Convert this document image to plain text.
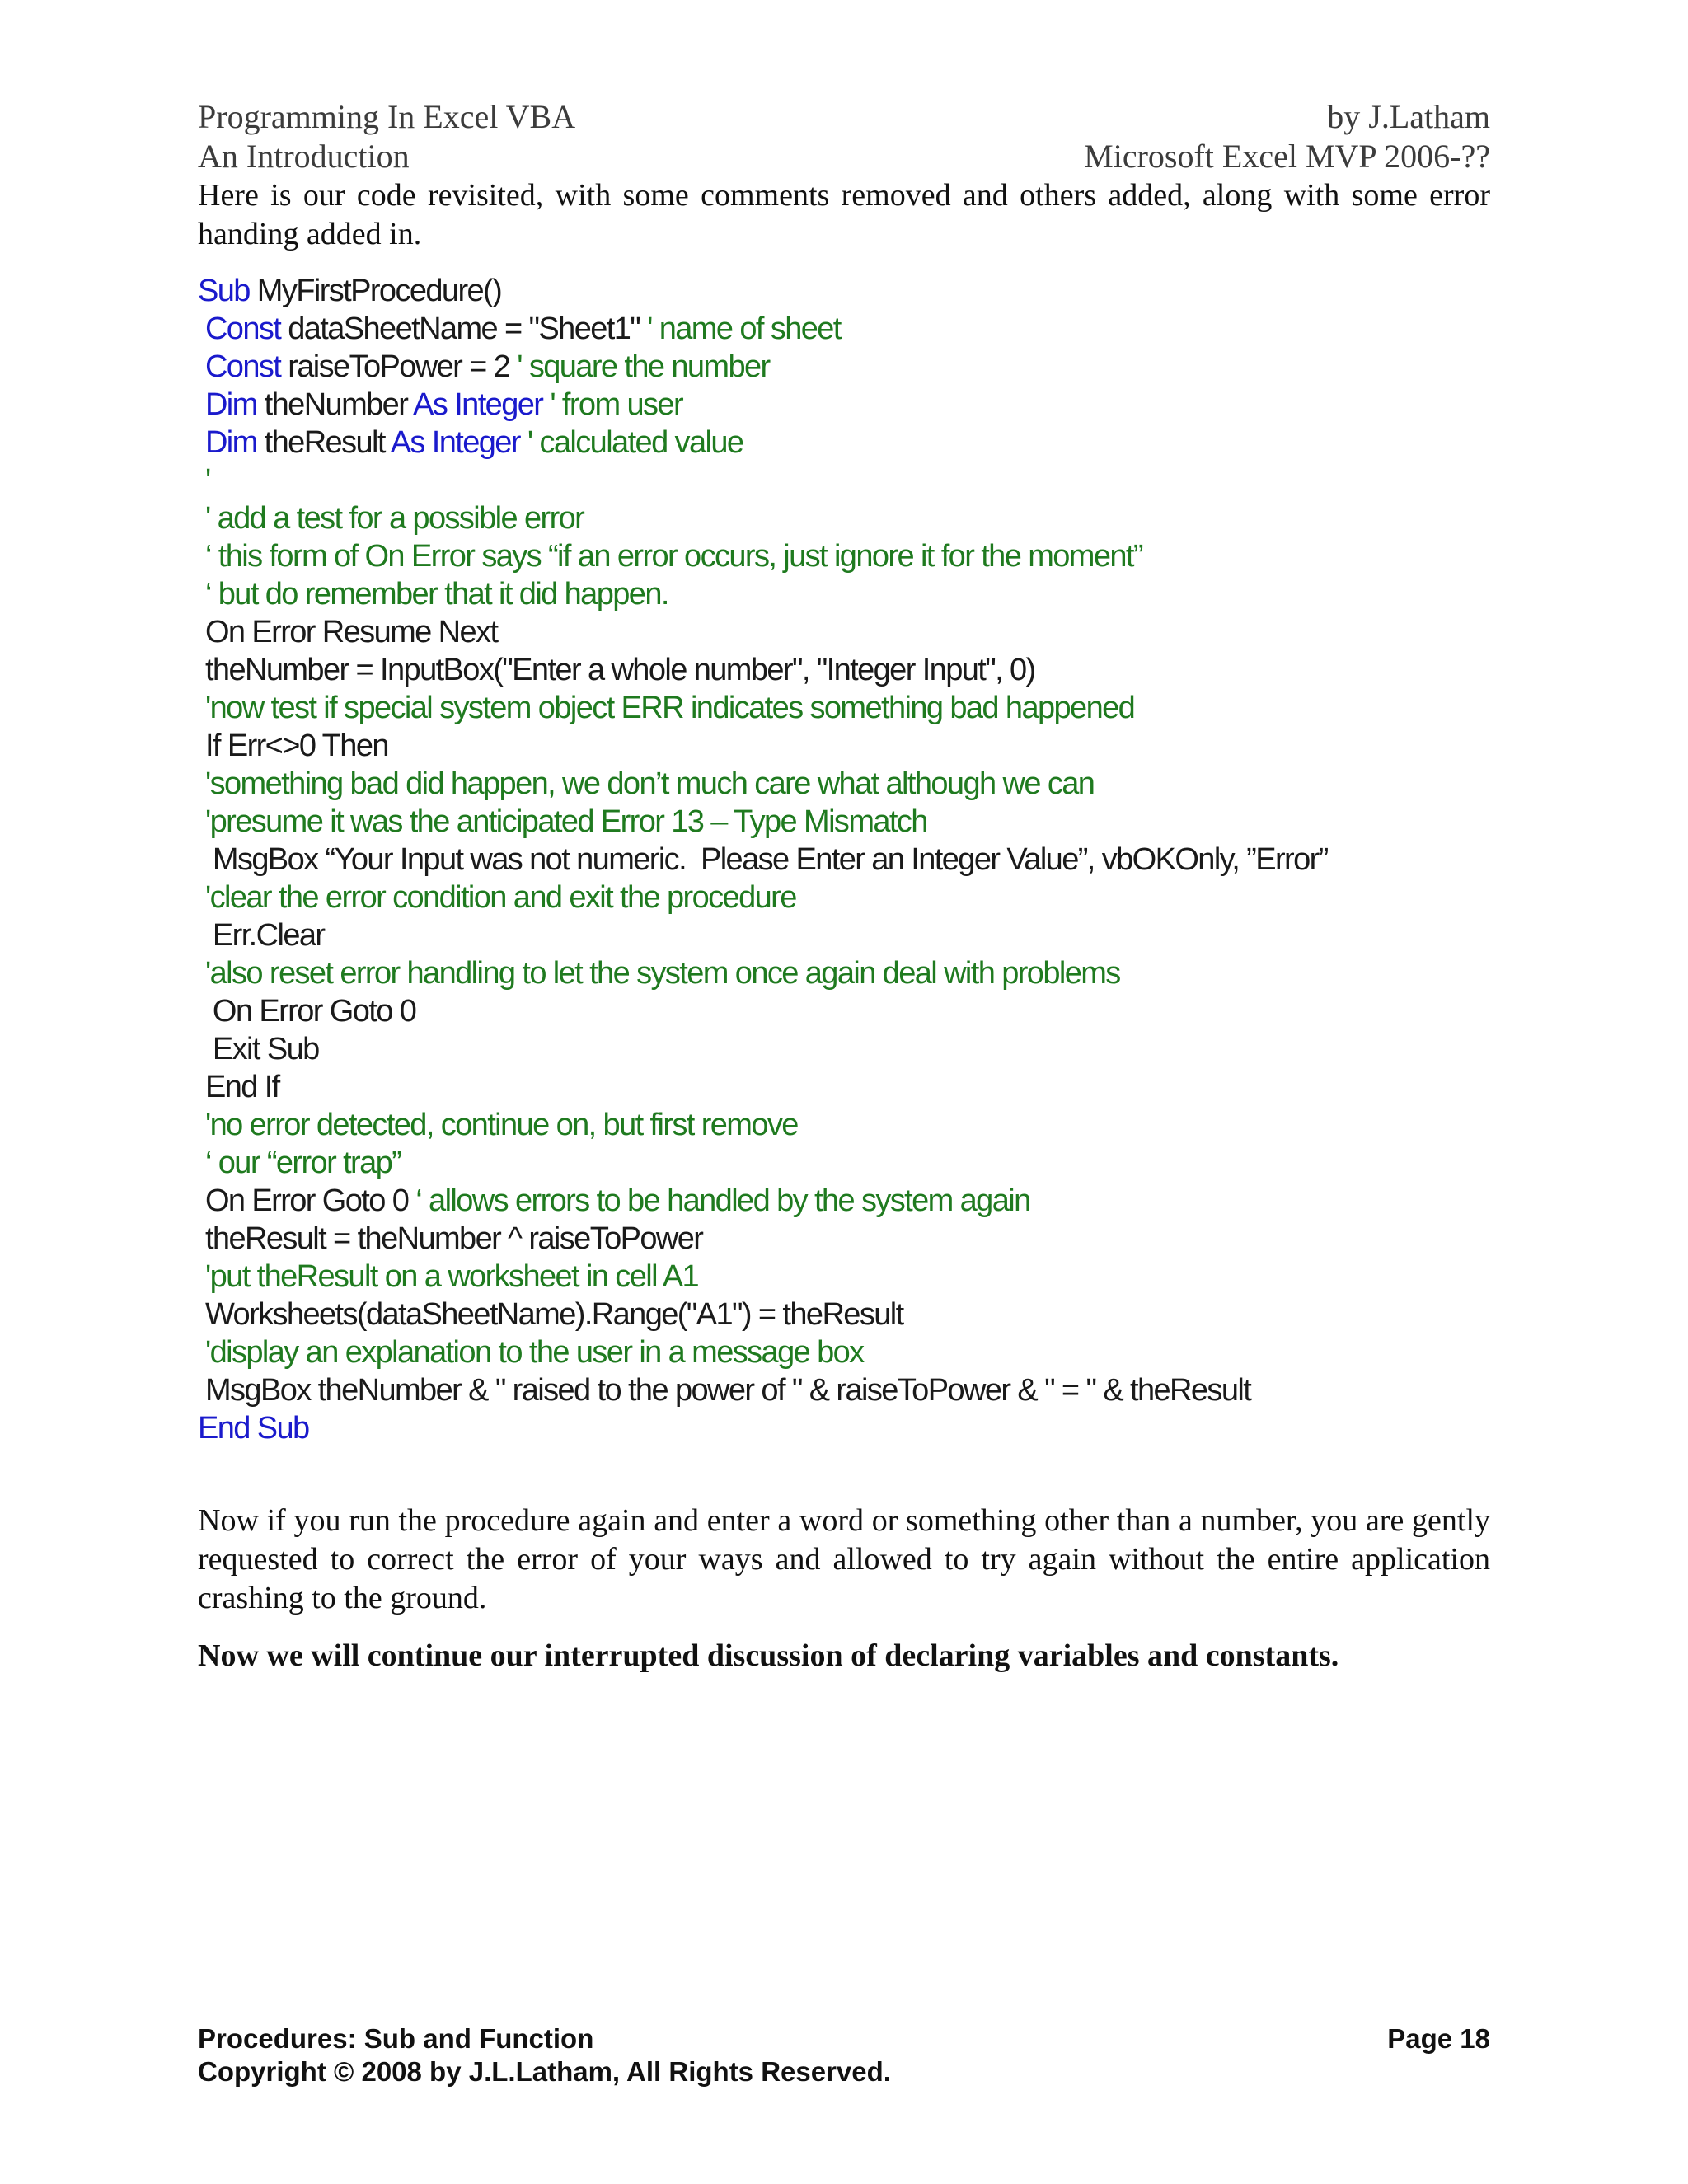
Programming In Excel VBA	by J.Latham
An Introduction	Microsoft Excel MVP 2006-??

Here is our code revisited, with some comments removed and others added, along with some error handing added in.

Sub MyFirstProcedure()
Const dataSheetName = "Sheet1" ' name of sheet
Const raiseToPower = 2 ' square the number
Dim theNumber As Integer ' from user
Dim theResult As Integer ' calculated value
'
' add a test for a possible error
‘ this form of On Error says “if an error occurs, just ignore it for the moment”
‘ but do remember that it did happen.
On Error Resume Next
theNumber = InputBox("Enter a whole number", "Integer Input", 0)
'now test if special system object ERR indicates something bad happened
If Err<>0 Then
'something bad did happen, we don’t much care what although we can
'presume it was the anticipated Error 13 – Type Mismatch
MsgBox “Your Input was not numeric.  Please Enter an Integer Value”, vbOKOnly, ”Error”
'clear the error condition and exit the procedure
Err.Clear
'also reset error handling to let the system once again deal with problems
On Error Goto 0
Exit Sub
End If
'no error detected, continue on, but first remove
‘ our “error trap”
On Error Goto 0 ‘ allows errors to be handled by the system again
theResult = theNumber ^ raiseToPower
'put theResult on a worksheet in cell A1
Worksheets(dataSheetName).Range("A1") = theResult
'display an explanation to the user in a message box
MsgBox theNumber & " raised to the power of " & raiseToPower & " = " & theResult
End Sub

Now if you run the procedure again and enter a word or something other than a number, you are gently requested to correct the error of your ways and allowed to try again without the entire application crashing to the ground.

Now we will continue our interrupted discussion of declaring variables and constants.

Procedures: Sub and Function	Page 18
Copyright © 2008 by J.L.Latham, All Rights Reserved.
